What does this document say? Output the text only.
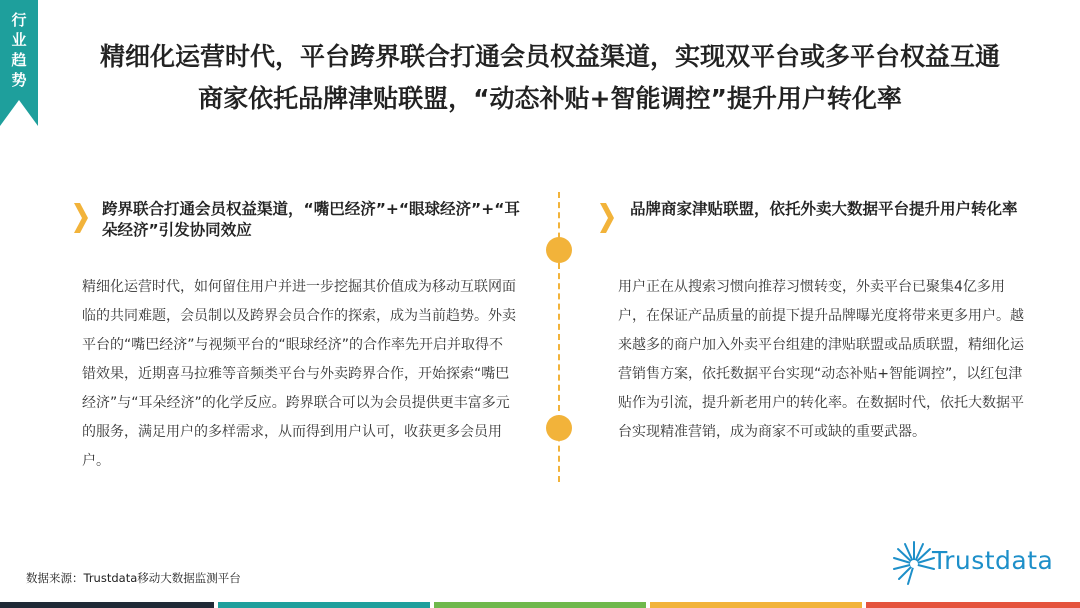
行业趋势
精细化运营时代，平台跨界联合打通会员权益渠道，实现双平台或多平台权益互通
商家依托品牌津贴联盟，“动态补贴+智能调控”提升用户转化率
跨界联合打通会员权益渠道，“嘴巴经济”+“眼球经济”+“耳朵经济”引发协同效应
精细化运营时代，如何留住用户并进一步挖掘其价值成为移动互联网面临的共同难题，会员制以及跨界会员合作的探索，成为当前趋势。外卖平台的“嘴巴经济”与视频平台的“眼球经济”的合作率先开启并取得不错效果，近期喜马拉雅等音频类平台与外卖跨界合作，开始探索“嘴巴经济”与“耳朵经济”的化学反应。跨界联合可以为会员提供更丰富多元的服务，满足用户的多样需求，从而得到用户认可，收获更多会员用户。
品牌商家津贴联盟，依托外卖大数据平台提升用户转化率
用户正在从搜索习惯向推荐习惯转变，外卖平台已聚集4亿多用户，在保证产品质量的前提下提升品牌曝光度将带来更多用户。越来越多的商户加入外卖平台组建的津贴联盟或品质联盟，精细化运营销售方案，依托数据平台实现“动态补贴+智能调控”，以红包津贴作为引流，提升新老用户的转化率。在数据时代，依托大数据平台实现精准营销，成为商家不可或缺的重要武器。
数据来源：Trustdata移动大数据监测平台
Trustdata
